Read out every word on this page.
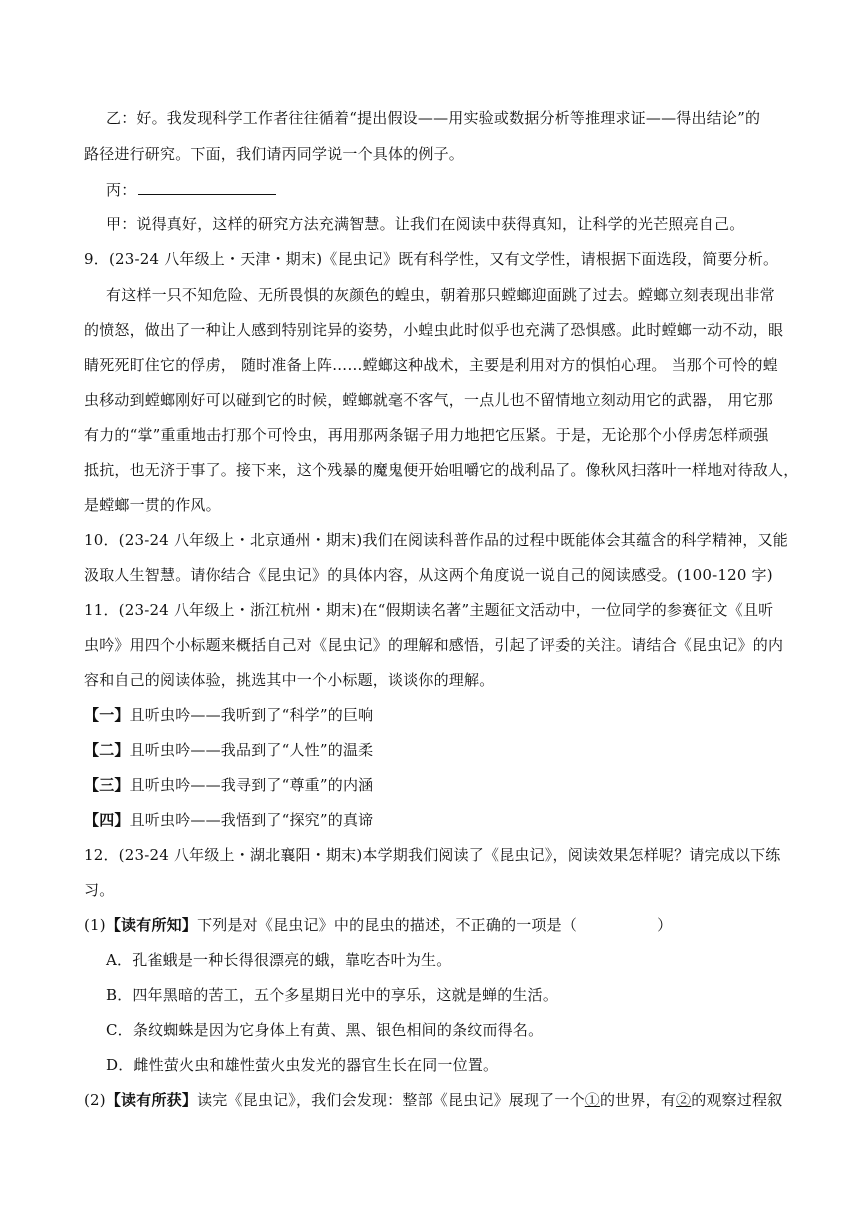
乙：好。我发现科学工作者往往循着“提出假设——用实验或数据分析等推理求证——得出结论”的
路径进行研究。下面，我们请丙同学说一个具体的例子。
丙：
甲：说得真好，这样的研究方法充满智慧。让我们在阅读中获得真知，让科学的光芒照亮自己。
9．(23-24 八年级上・天津・期末)《昆虫记》既有科学性，又有文学性，请根据下面选段，简要分析。
有这样一只不知危险、无所畏惧的灰颜色的蝗虫，朝着那只螳螂迎面跳了过去。螳螂立刻表现出非常
的愤怒，做出了一种让人感到特别诧异的姿势，小蝗虫此时似乎也充满了恐惧感。此时螳螂一动不动，眼
睛死死盯住它的俘虏， 随时准备上阵……螳螂这种战术，主要是利用对方的惧怕心理。 当那个可怜的蝗
虫移动到螳螂刚好可以碰到它的时候，螳螂就毫不客气，一点儿也不留情地立刻动用它的武器， 用它那
有力的“掌”重重地击打那个可怜虫，再用那两条锯子用力地把它压紧。于是，无论那个小俘虏怎样顽强
抵抗，也无济于事了。接下来，这个残暴的魔鬼便开始咀嚼它的战利品了。像秋风扫落叶一样地对待敌人，
是螳螂一贯的作风。
10．(23-24 八年级上・北京通州・期末)我们在阅读科普作品的过程中既能体会其蕴含的科学精神，又能
汲取人生智慧。请你结合《昆虫记》的具体内容，从这两个角度说一说自己的阅读感受。(100-120 字)
11．(23-24 八年级上・浙江杭州・期末)在“假期读名著”主题征文活动中，一位同学的参赛征文《且听
虫吟》用四个小标题来概括自己对《昆虫记》的理解和感悟，引起了评委的关注。请结合《昆虫记》的内
容和自己的阅读体验，挑选其中一个小标题，谈谈你的理解。
【一】且听虫吟——我听到了“科学”的巨响
【二】且听虫吟——我品到了“人性”的温柔
【三】且听虫吟——我寻到了“尊重”的内涵
【四】且听虫吟——我悟到了“探究”的真谛
12．(23-24 八年级上・湖北襄阳・期末)本学期我们阅读了《昆虫记》，阅读效果怎样呢？请完成以下练
习。
(1)【读有所知】下列是对《昆虫记》中的昆虫的描述，不正确的一项是（	）
A．孔雀蛾是一种长得很漂亮的蛾，靠吃杏叶为生。
B．四年黑暗的苦工，五个多星期日光中的享乐，这就是蝉的生活。
C．条纹蜘蛛是因为它身体上有黄、黑、银色相间的条纹而得名。
D．雌性萤火虫和雄性萤火虫发光的器官生长在同一位置。
(2)【读有所获】读完《昆虫记》，我们会发现：整部《昆虫记》展现了一个①的世界，有②的观察过程叙
